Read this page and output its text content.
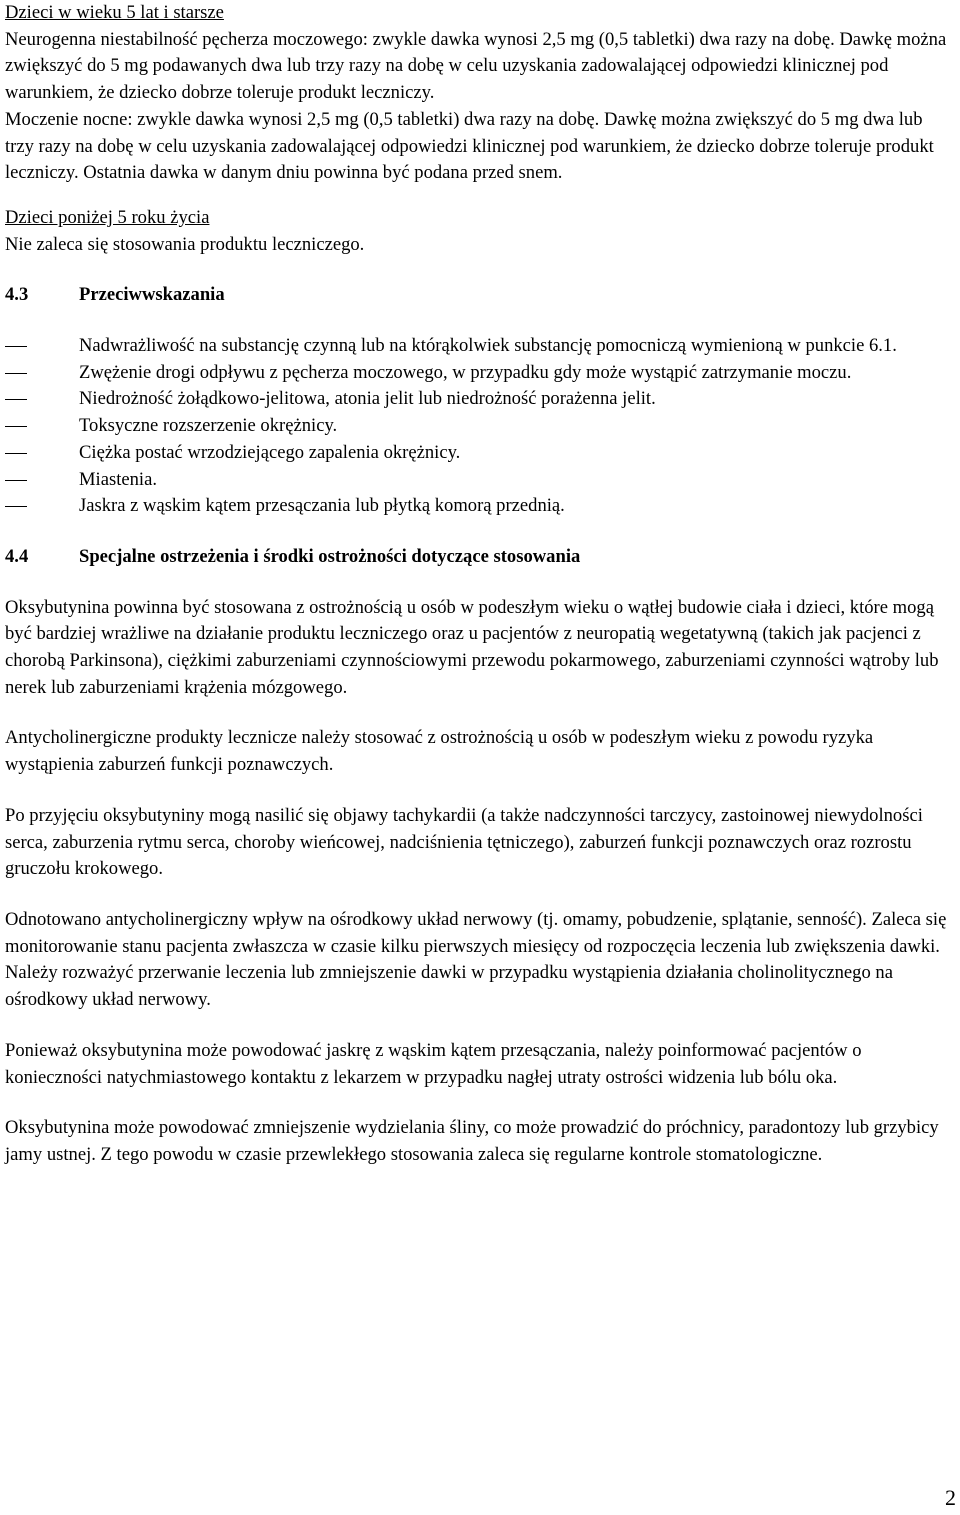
Dzieci w wieku 5 lat i starsze

Neurogenna niestabilność pęcherza moczowego: zwykle dawka wynosi 2,5 mg (0,5 tabletki) dwa razy na dobę. Dawkę można zwiększyć do 5 mg podawanych dwa lub trzy razy na dobę w celu uzyskania zadowalającej odpowiedzi klinicznej pod warunkiem, że dziecko dobrze toleruje produkt leczniczy.

Moczenie nocne: zwykle dawka wynosi 2,5 mg (0,5 tabletki) dwa razy na dobę. Dawkę można zwiększyć do 5 mg dwa lub trzy razy na dobę w celu uzyskania zadowalającej odpowiedzi klinicznej pod warunkiem, że dziecko dobrze toleruje produkt leczniczy. Ostatnia dawka w danym dniu powinna być podana przed snem.

Dzieci poniżej 5 roku życia

Nie zaleca się stosowania produktu leczniczego.

4.3	Przeciwwskazania
Nadwrażliwość na substancję czynną lub na którąkolwiek substancję pomocniczą wymienioną w punkcie 6.1.
Zwężenie drogi odpływu z pęcherza moczowego, w przypadku gdy może wystąpić zatrzymanie moczu.
Niedrożność żołądkowo-jelitowa, atonia jelit lub niedrożność porażenna jelit.
Toksyczne rozszerzenie okrężnicy.
Ciężka postać wrzodziejącego zapalenia okrężnicy.
Miastenia.
Jaskra z wąskim kątem przesączania lub płytką komorą przednią.
4.4	Specjalne ostrzeżenia i środki ostrożności dotyczące stosowania

Oksybutynina powinna być stosowana z ostrożnością u osób w podeszłym wieku o wątłej budowie ciała i dzieci, które mogą być bardziej wrażliwe na działanie produktu leczniczego oraz u pacjentów z neuropatią wegetatywną (takich jak pacjenci z chorobą Parkinsona), ciężkimi zaburzeniami czynnościowymi przewodu pokarmowego, zaburzeniami czynności wątroby lub nerek lub zaburzeniami krążenia mózgowego.

Antycholinergiczne produkty lecznicze należy stosować z ostrożnością u osób w podeszłym wieku z powodu ryzyka wystąpienia zaburzeń funkcji poznawczych.

Po przyjęciu oksybutyniny mogą nasilić się objawy tachykardii (a także nadczynności tarczycy, zastoinowej niewydolności serca, zaburzenia rytmu serca, choroby wieńcowej, nadciśnienia tętniczego), zaburzeń funkcji poznawczych oraz rozrostu gruczołu krokowego.

Odnotowano antycholinergiczny wpływ na ośrodkowy układ nerwowy (tj. omamy, pobudzenie, splątanie, senność). Zaleca się monitorowanie stanu pacjenta zwłaszcza w czasie kilku pierwszych miesięcy od rozpoczęcia leczenia lub zwiększenia dawki. Należy rozważyć przerwanie leczenia lub zmniejszenie dawki w przypadku wystąpienia działania cholinolitycznego na ośrodkowy układ nerwowy.

Ponieważ oksybutynina może powodować jaskrę z wąskim kątem przesączania, należy poinformować pacjentów o konieczności natychmiastowego kontaktu z lekarzem w przypadku nagłej utraty ostrości widzenia lub bólu oka.

Oksybutynina może powodować zmniejszenie wydzielania śliny, co może prowadzić do próchnicy, paradontozy lub grzybicy jamy ustnej. Z tego powodu w czasie przewlekłego stosowania zaleca się regularne kontrole stomatologiczne.

2
